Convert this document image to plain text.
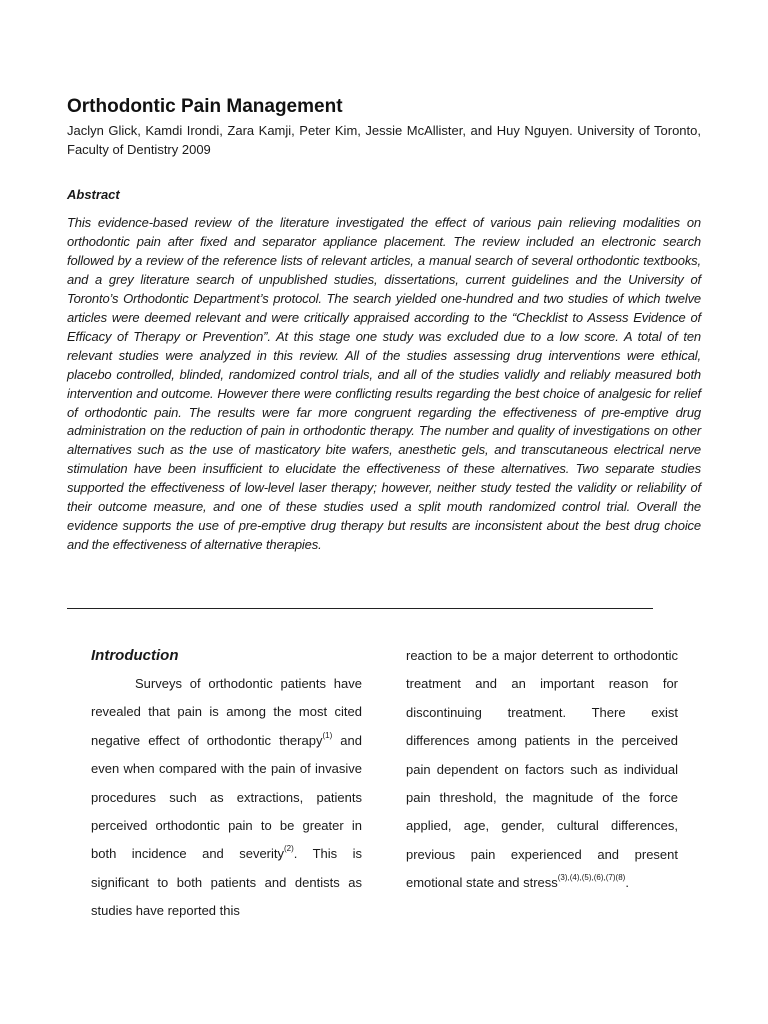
Orthodontic Pain Management

Jaclyn Glick, Kamdi Irondi, Zara Kamji, Peter Kim, Jessie McAllister, and Huy Nguyen. University of Toronto, Faculty of Dentistry 2009

Abstract

This evidence-based review of the literature investigated the effect of various pain relieving modalities on orthodontic pain after fixed and separator appliance placement. The review included an electronic search followed by a review of the reference lists of relevant articles, a manual search of several orthodontic textbooks, and a grey literature search of unpublished studies, dissertations, current guidelines and the University of Toronto’s Orthodontic Department’s protocol. The search yielded one-hundred and two studies of which twelve articles were deemed relevant and were critically appraised according to the “Checklist to Assess Evidence of Efficacy of Therapy or Prevention”. At this stage one study was excluded due to a low score. A total of ten relevant studies were analyzed in this review. All of the studies assessing drug interventions were ethical, placebo controlled, blinded, randomized control trials, and all of the studies validly and reliably measured both intervention and outcome. However there were conflicting results regarding the best choice of analgesic for relief of orthodontic pain. The results were far more congruent regarding the effectiveness of pre-emptive drug administration on the reduction of pain in orthodontic therapy. The number and quality of investigations on other alternatives such as the use of masticatory bite wafers, anesthetic gels, and transcutaneous electrical nerve stimulation have been insufficient to elucidate the effectiveness of these alternatives. Two separate studies supported the effectiveness of low-level laser therapy; however, neither study tested the validity or reliability of their outcome measure, and one of these studies used a split mouth randomized control trial. Overall the evidence supports the use of pre-emptive drug therapy but results are inconsistent about the best drug choice and the effectiveness of alternative therapies.

Introduction

Surveys of orthodontic patients have revealed that pain is among the most cited negative effect of orthodontic therapy$^{(1)}$ and even when compared with the pain of invasive procedures such as extractions, patients perceived orthodontic pain to be greater in both incidence and severity$^{(2)}$. This is significant to both patients and dentists as studies have reported this

reaction to be a major deterrent to orthodontic treatment and an important reason for discontinuing treatment. There exist differences among patients in the perceived pain dependent on factors such as individual pain threshold, the magnitude of the force applied, age, gender, cultural differences, previous pain experienced and present emotional state and stress$^{(3),(4),(5),(6),(7)(8)}$.
